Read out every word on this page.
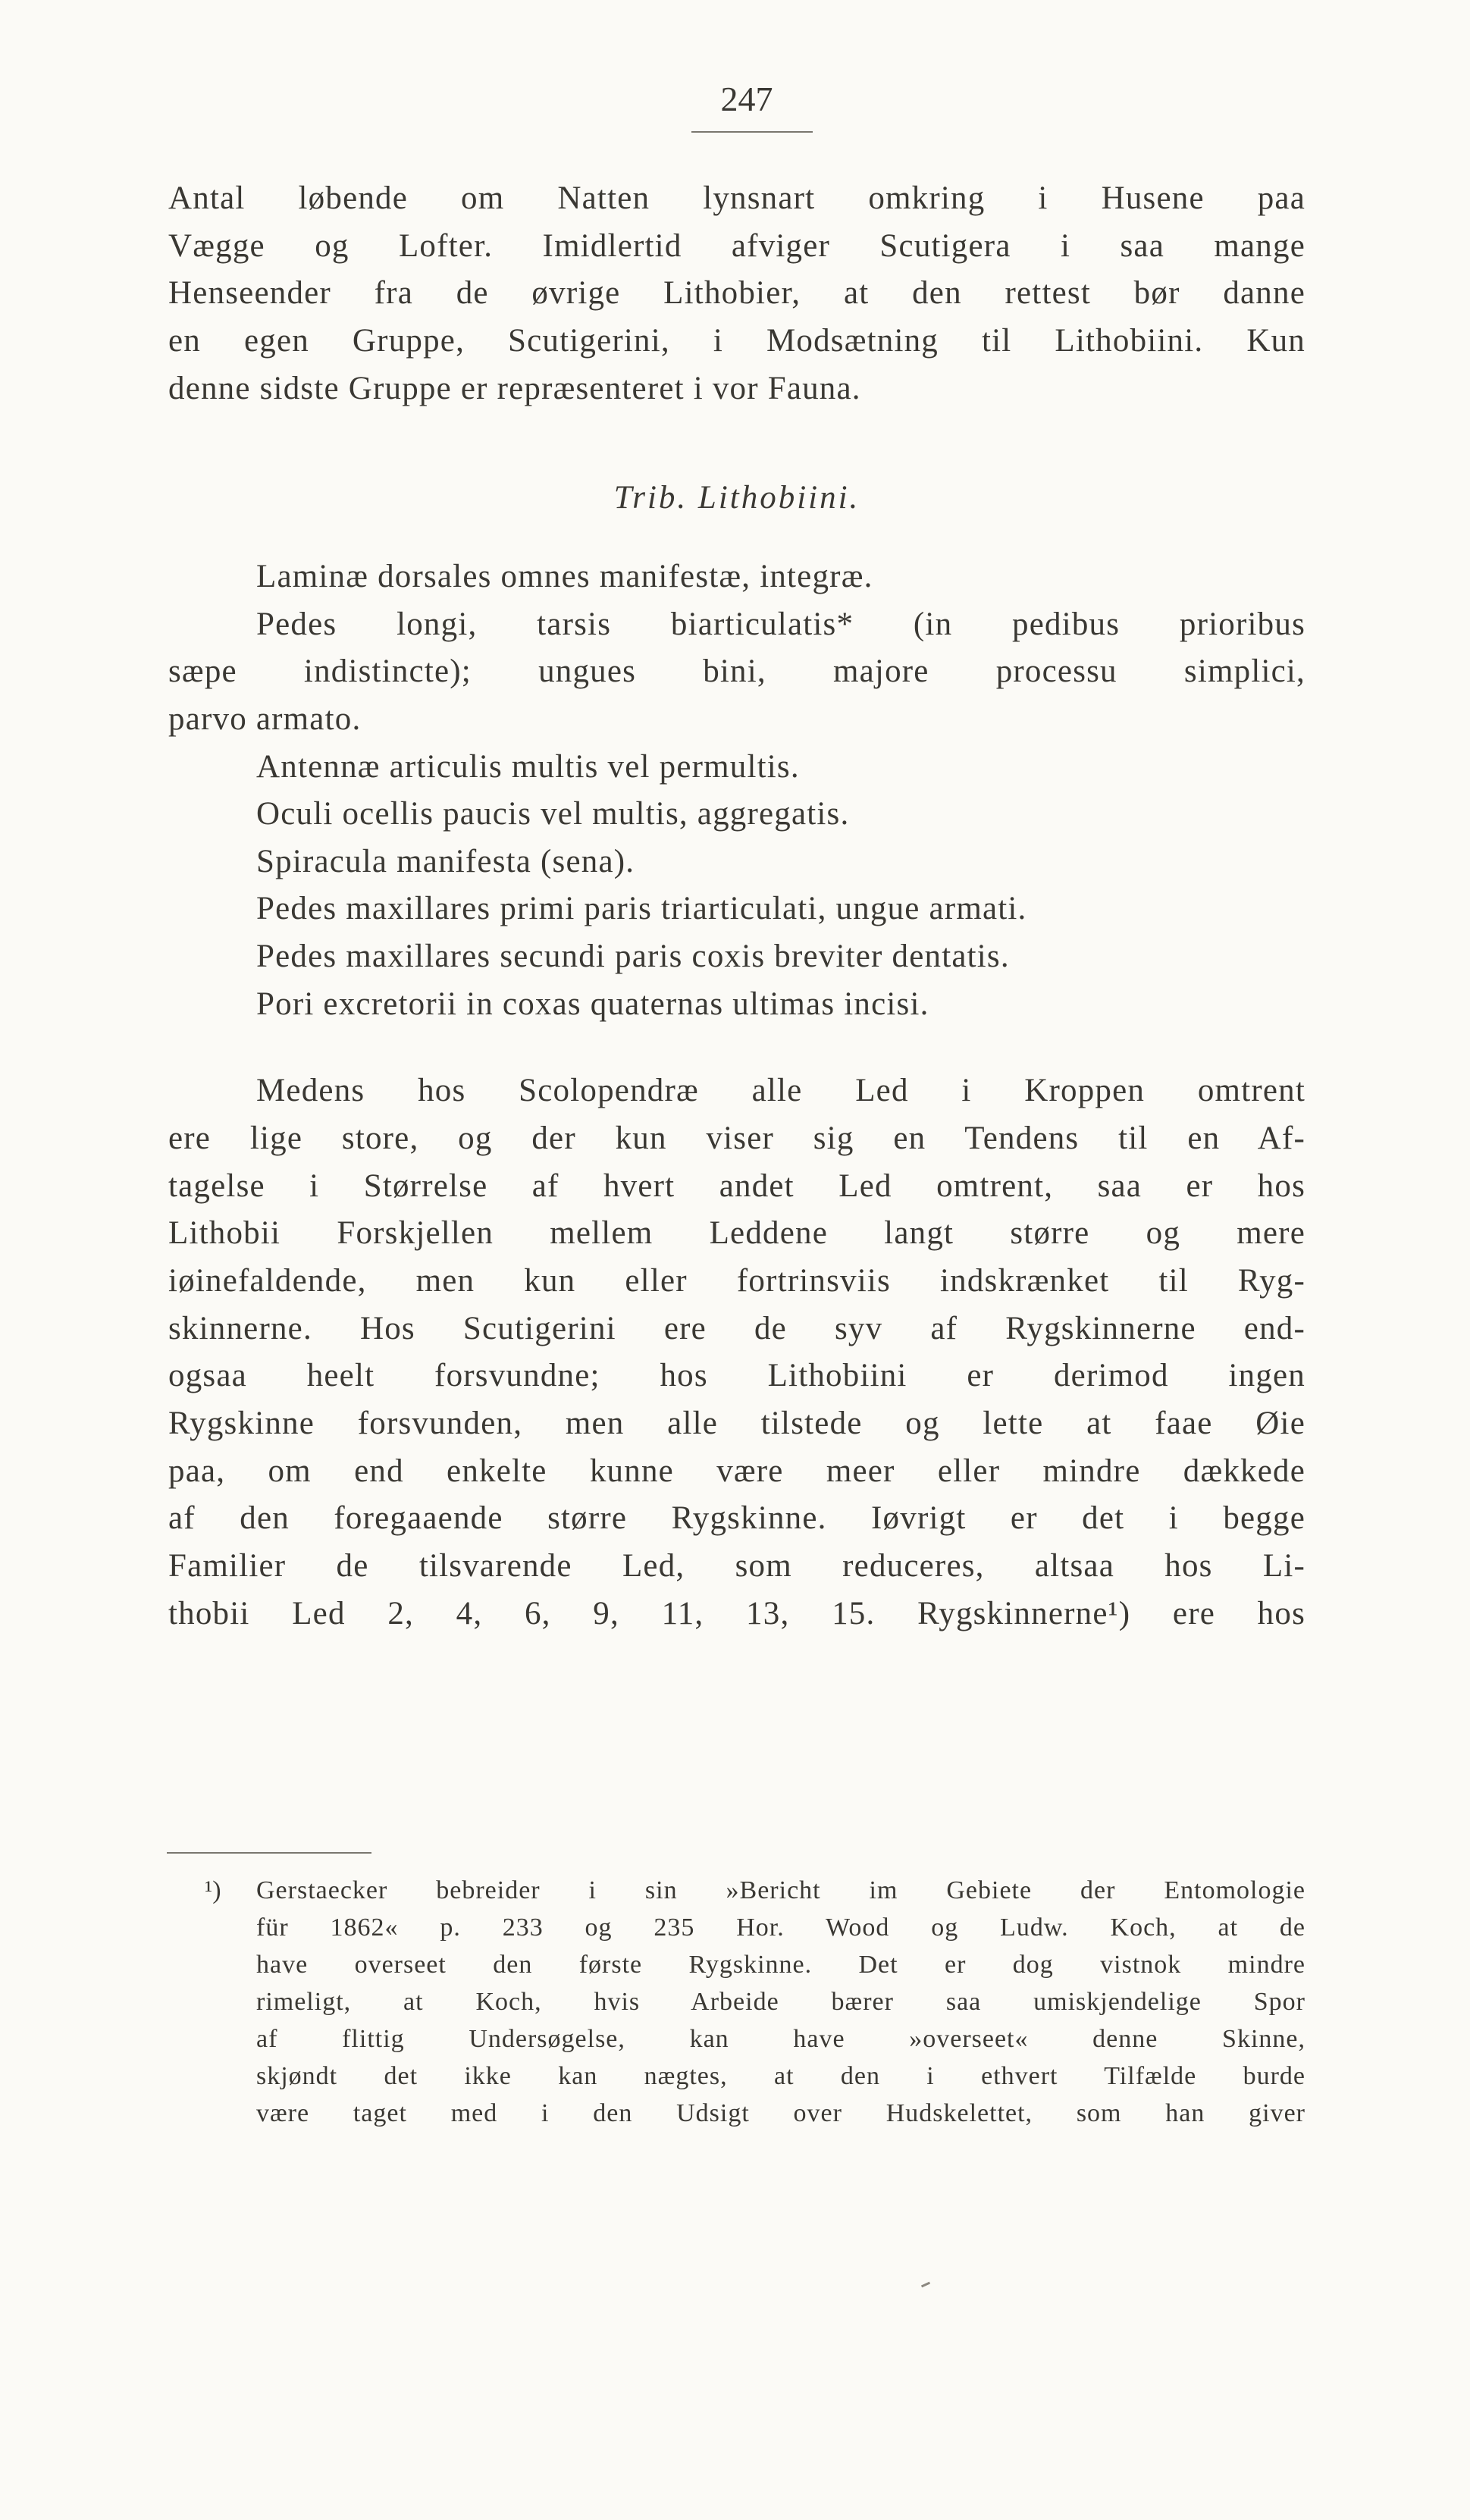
247
Antal løbende om Natten lynsnart omkring i Husene paa
Vægge og Lofter. Imidlertid afviger Scutigera i saa mange
Henseender fra de øvrige Lithobier, at den rettest bør danne
en egen Gruppe, Scutigerini, i Modsætning til Lithobiini. Kun
denne sidste Gruppe er repræsenteret i vor Fauna.
Trib. Lithobiini.
Laminæ dorsales omnes manifestæ, integræ.
Pedes longi, tarsis biarticulatis* (in pedibus prioribus
sæpe indistincte); ungues bini, majore processu simplici,
parvo armato.
Antennæ articulis multis vel permultis.
Oculi ocellis paucis vel multis, aggregatis.
Spiracula manifesta (sena).
Pedes maxillares primi paris triarticulati, ungue armati.
Pedes maxillares secundi paris coxis breviter dentatis.
Pori excretorii in coxas quaternas ultimas incisi.
Medens hos Scolopendræ alle Led i Kroppen omtrent
ere lige store, og der kun viser sig en Tendens til en Af-
tagelse i Størrelse af hvert andet Led omtrent, saa er hos
Lithobii Forskjellen mellem Leddene langt større og mere
iøinefaldende, men kun eller fortrinsviis indskrænket til Ryg-
skinnerne. Hos Scutigerini ere de syv af Rygskinnerne end-
ogsaa heelt forsvundne; hos Lithobiini er derimod ingen
Rygskinne forsvunden, men alle tilstede og lette at faae Øie
paa, om end enkelte kunne være meer eller mindre dækkede
af den foregaaende større Rygskinne. Iøvrigt er det i begge
Familier de tilsvarende Led, som reduceres, altsaa hos Li-
thobii Led 2, 4, 6, 9, 11, 13, 15. Rygskinnerne¹) ere hos
¹) Gerstaecker bebreider i sin »Bericht im Gebiete der Entomologie
für 1862« p. 233 og 235 Hor. Wood og Ludw. Koch, at de
have overseet den første Rygskinne. Det er dog vistnok mindre
rimeligt, at Koch, hvis Arbeide bærer saa umiskjendelige Spor
af flittig Undersøgelse, kan have »overseet« denne Skinne,
skjøndt det ikke kan nægtes, at den i ethvert Tilfælde burde
være taget med i den Udsigt over Hudskelettet, som han giver
